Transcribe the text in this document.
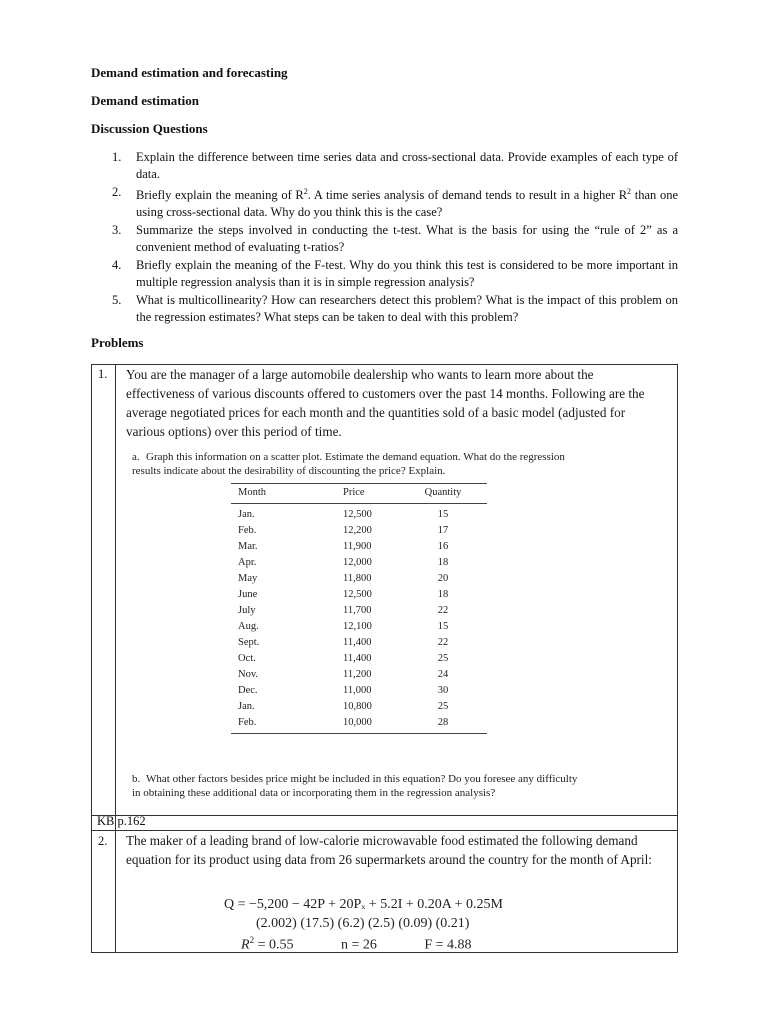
Demand estimation and forecasting
Demand estimation
Discussion Questions
1. Explain the difference between time series data and cross-sectional data. Provide examples of each type of data.
2. Briefly explain the meaning of $R^2$. A time series analysis of demand tends to result in a higher $R^2$ than one using cross-sectional data. Why do you think this is the case?
3. Summarize the steps involved in conducting the t-test. What is the basis for using the “rule of 2” as a convenient method of evaluating t-ratios?
4. Briefly explain the meaning of the F-test. Why do you think this test is considered to be more important in multiple regression analysis than it is in simple regression analysis?
5. What is multicollinearity? How can researchers detect this problem? What is the impact of this problem on the regression estimates? What steps can be taken to deal with this problem?
Problems
1. You are the manager of a large automobile dealership who wants to learn more about the effectiveness of various discounts offered to customers over the past 14 months. Following are the average negotiated prices for each month and the quantities sold of a basic model (adjusted for various options) over this period of time.
a. Graph this information on a scatter plot. Estimate the demand equation. What do the regression results indicate about the desirability of discounting the price? Explain.
Month	Price	Quantity
Jan.	12,500	15
Feb.	12,200	17
Mar.	11,900	16
Apr.	12,000	18
May	11,800	20
June	12,500	18
July	11,700	22
Aug.	12,100	15
Sept.	11,400	22
Oct.	11,400	25
Nov.	11,200	24
Dec.	11,000	30
Jan.	10,800	25
Feb.	10,000	28
b. What other factors besides price might be included in this equation? Do you foresee any difficulty in obtaining these additional data or incorporating them in the regression analysis?
KB p.162
2. The maker of a leading brand of low-calorie microwavable food estimated the following demand equation for its product using data from 26 supermarkets around the country for the month of April:
Q = −5,200 − 42P + 20Pₓ + 5.2I + 0.20A + 0.25M
(2.002) (17.5) (6.2) (2.5) (0.09) (0.21)
$R^2 = 0.55$	n = 26	F = 4.88
